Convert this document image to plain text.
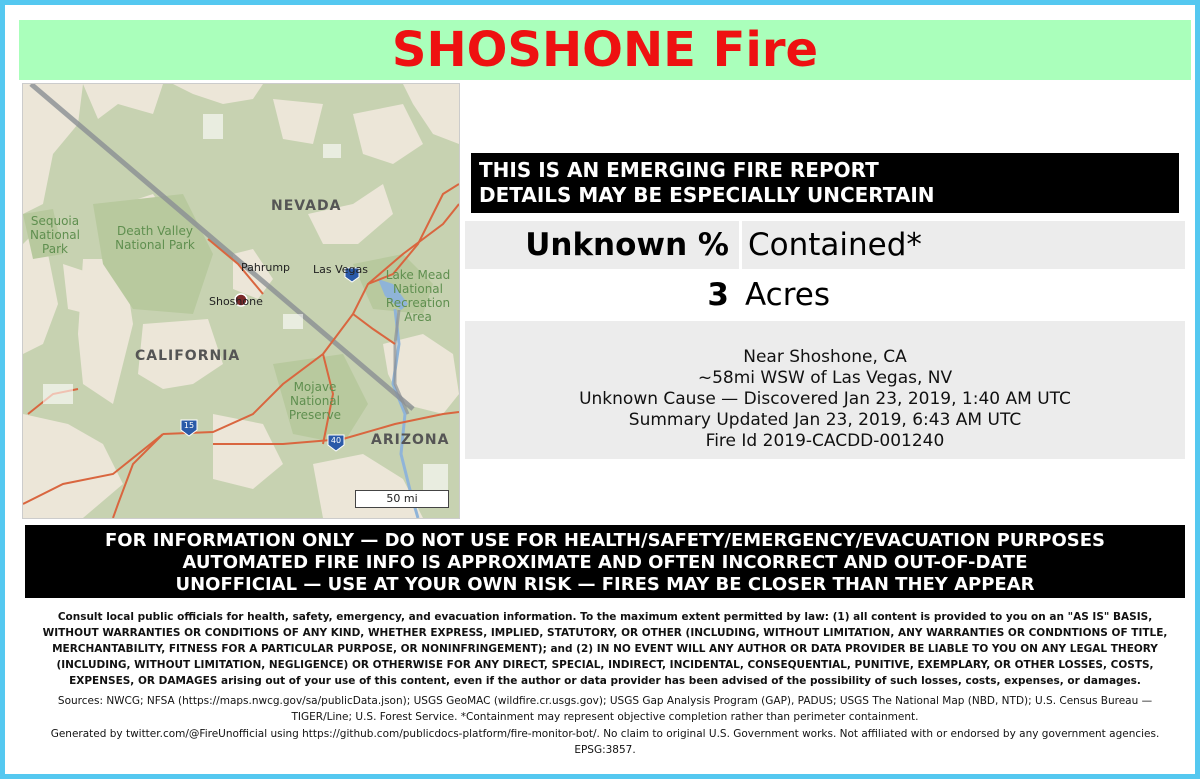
SHOSHONE Fire
NEVADA
CALIFORNIA
ARIZONA
Sequoia National Park
Death Valley National Park
Lake Mead National Recreation Area
Mojave National Preserve
Pahrump Las Vegas
Shoshone
15
40
50 mi
THIS IS AN EMERGING FIRE REPORT
DETAILS MAY BE ESPECIALLY UNCERTAIN
Unknown % Contained*
3 Acres
Near Shoshone, CA
~58mi WSW of Las Vegas, NV
Unknown Cause — Discovered Jan 23, 2019, 1:40 AM UTC
Summary Updated Jan 23, 2019, 6:43 AM UTC
Fire Id 2019-CACDD-001240
FOR INFORMATION ONLY — DO NOT USE FOR HEALTH/SAFETY/EMERGENCY/EVACUATION PURPOSES
AUTOMATED FIRE INFO IS APPROXIMATE AND OFTEN INCORRECT AND OUT-OF-DATE
UNOFFICIAL — USE AT YOUR OWN RISK — FIRES MAY BE CLOSER THAN THEY APPEAR
Consult local public officials for health, safety, emergency, and evacuation information. To the maximum extent permitted by law: (1) all content is provided to you on an "AS IS" BASIS, WITHOUT WARRANTIES OR CONDITIONS OF ANY KIND, WHETHER EXPRESS, IMPLIED, STATUTORY, OR OTHER (INCLUDING, WITHOUT LIMITATION, ANY WARRANTIES OR CONDNTIONS OF TITLE, MERCHANTABILITY, FITNESS FOR A PARTICULAR PURPOSE, OR NONINFRINGEMENT); and (2) IN NO EVENT WILL ANY AUTHOR OR DATA PROVIDER BE LIABLE TO YOU ON ANY LEGAL THEORY (INCLUDING, WITHOUT LIMITATION, NEGLIGENCE) OR OTHERWISE FOR ANY DIRECT, SPECIAL, INDIRECT, INCIDENTAL, CONSEQUENTIAL, PUNITIVE, EXEMPLARY, OR OTHER LOSSES, COSTS, EXPENSES, OR DAMAGES arising out of your use of this content, even if the author or data provider has been advised of the possibility of such losses, costs, expenses, or damages.
Sources: NWCG; NFSA (https://maps.nwcg.gov/sa/publicData.json); USGS GeoMAC (wildfire.cr.usgs.gov); USGS Gap Analysis Program (GAP), PADUS; USGS The National Map (NBD, NTD); U.S. Census Bureau — TIGER/Line; U.S. Forest Service. *Containment may represent objective completion rather than perimeter containment.
Generated by twitter.com/@FireUnofficial using https://github.com/publicdocs-platform/fire-monitor-bot/. No claim to original U.S. Government works. Not affiliated with or endorsed by any government agencies. EPSG:3857.
